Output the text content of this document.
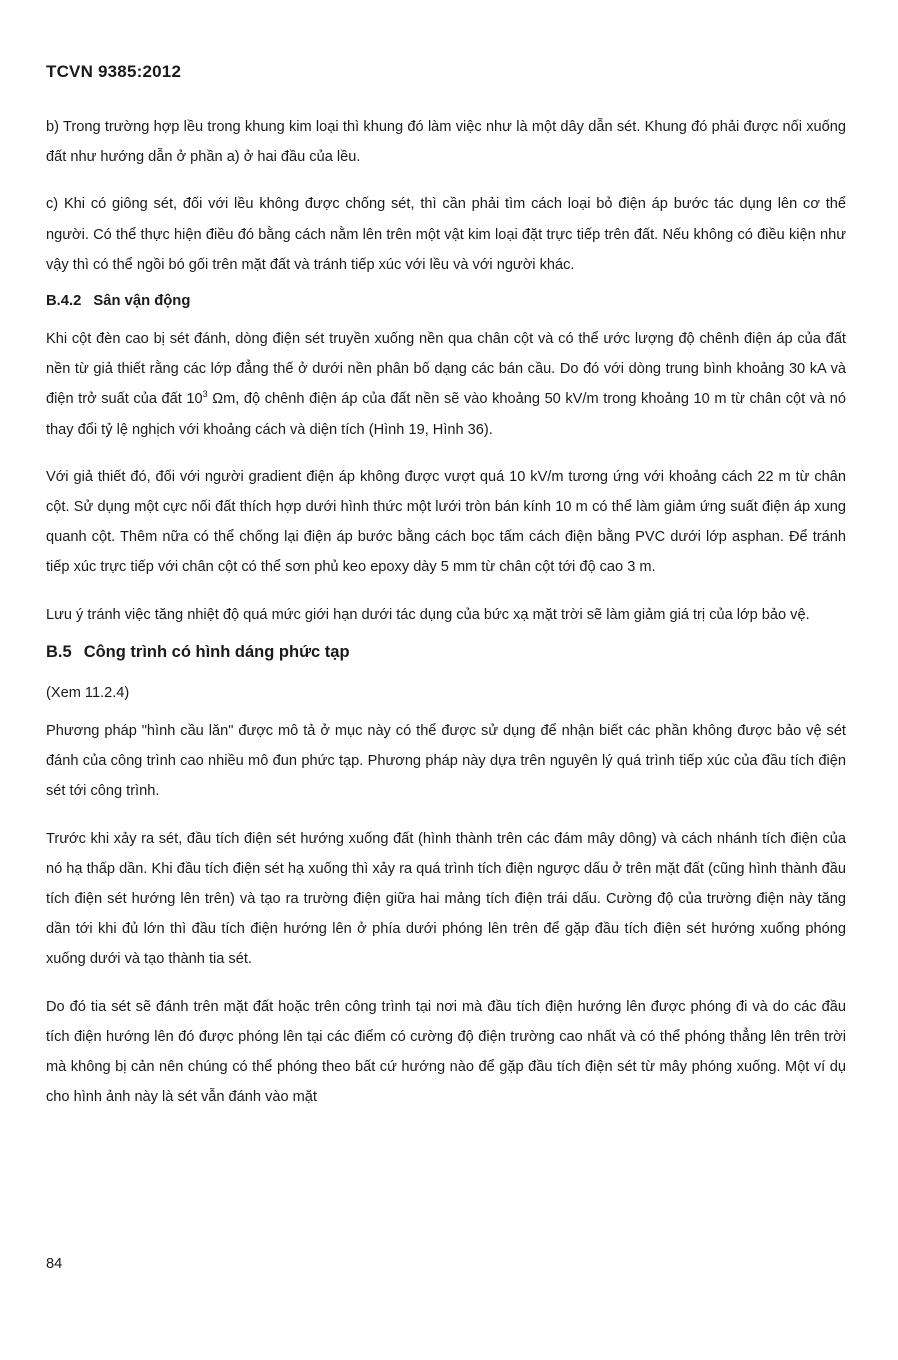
TCVN 9385:2012

b) Trong trường hợp lều trong khung kim loại thì khung đó làm việc như là một dây dẫn sét. Khung đó phải được nối xuống đất như hướng dẫn ở phần a) ở hai đầu của lều.

c) Khi có giông sét, đối với lều không được chống sét, thì cần phải tìm cách loại bỏ điện áp bước tác dụng lên cơ thể người. Có thể thực hiện điều đó bằng cách nằm lên trên một vật kim loại đặt trực tiếp trên đất. Nếu không có điều kiện như vậy thì có thể ngồi bó gối trên mặt đất và tránh tiếp xúc với lều và với người khác.

B.4.2 Sân vận động

Khi cột đèn cao bị sét đánh, dòng điện sét truyền xuống nền qua chân cột và có thể ước lượng độ chênh điện áp của đất nền từ giả thiết rằng các lớp đẳng thế ở dưới nền phân bố dạng các bán cầu. Do đó với dòng trung bình khoảng 30 kA và điện trở suất của đất $10^3$ Ωm, độ chênh điện áp của đất nền sẽ vào khoảng 50 kV/m trong khoảng 10 m từ chân cột và nó thay đổi tỷ lệ nghịch với khoảng cách và diện tích (Hình 19, Hình 36).

Với giả thiết đó, đối với người gradient điện áp không được vượt quá 10 kV/m tương ứng với khoảng cách 22 m từ chân cột. Sử dụng một cực nối đất thích hợp dưới hình thức một lưới tròn bán kính 10 m có thể làm giảm ứng suất điện áp xung quanh cột. Thêm nữa có thể chống lại điện áp bước bằng cách bọc tấm cách điện bằng PVC dưới lớp asphan. Để tránh tiếp xúc trực tiếp với chân cột có thể sơn phủ keo epoxy dày 5 mm từ chân cột tới độ cao 3 m.

Lưu ý tránh việc tăng nhiệt độ quá mức giới hạn dưới tác dụng của bức xạ mặt trời sẽ làm giảm giá trị của lớp bảo vệ.

B.5 Công trình có hình dáng phức tạp

(Xem 11.2.4)

Phương pháp "hình cầu lăn" được mô tả ở mục này có thể được sử dụng để nhận biết các phần không được bảo vệ sét đánh của công trình cao nhiều mô đun phức tạp. Phương pháp này dựa trên nguyên lý quá trình tiếp xúc của đầu tích điện sét tới công trình.

Trước khi xảy ra sét, đầu tích điện sét hướng xuống đất (hình thành trên các đám mây dông) và cách nhánh tích điện của nó hạ thấp dần. Khi đầu tích điện sét hạ xuống thì xảy ra quá trình tích điện ngược dấu ở trên mặt đất (cũng hình thành đầu tích điện sét hướng lên trên) và tạo ra trường điện giữa hai mảng tích điện trái dấu. Cường độ của trường điện này tăng dần tới khi đủ lớn thì đầu tích điện hướng lên ở phía dưới phóng lên trên để gặp đầu tích điện sét hướng xuống phóng xuống dưới và tạo thành tia sét.

Do đó tia sét sẽ đánh trên mặt đất hoặc trên công trình tại nơi mà đầu tích điện hướng lên được phóng đi và do các đầu tích điện hướng lên đó được phóng lên tại các điểm có cường độ điện trường cao nhất và có thể phóng thẳng lên trên trời mà không bị cản nên chúng có thể phóng theo bất cứ hướng nào để gặp đầu tích điện sét từ mây phóng xuống. Một ví dụ cho hình ảnh này là sét vẫn đánh vào mặt

84
